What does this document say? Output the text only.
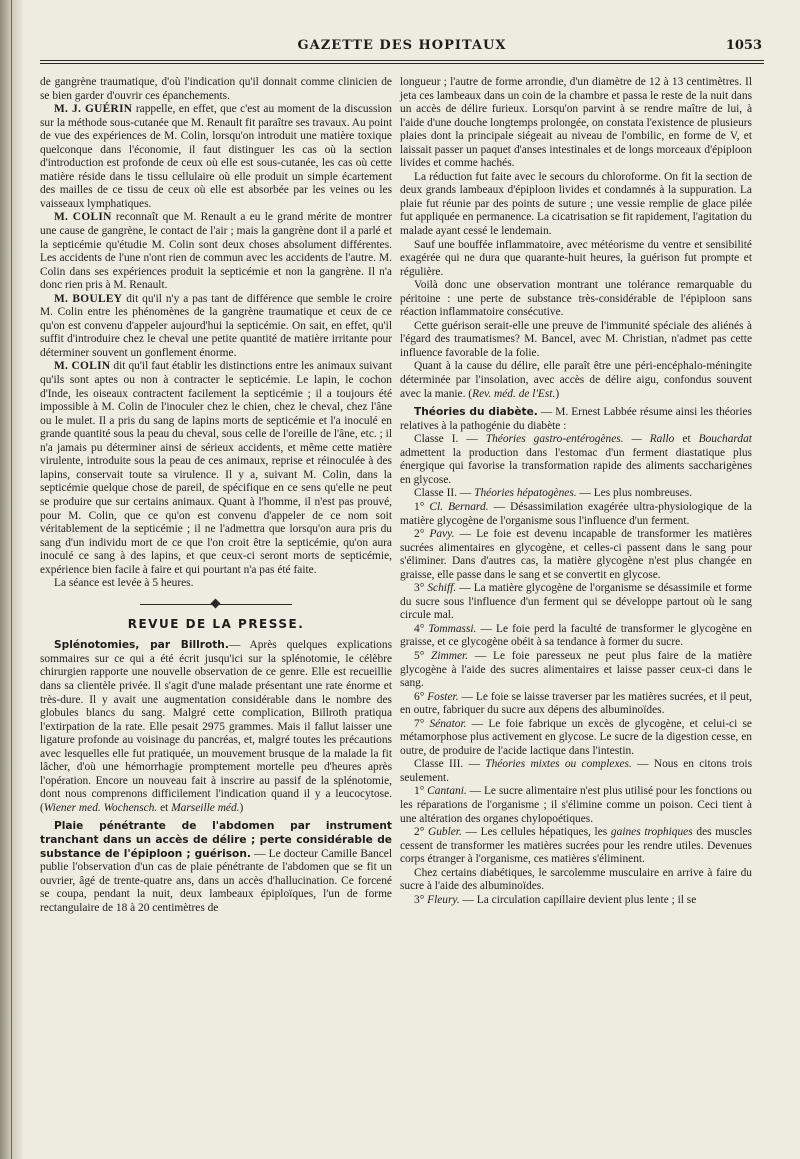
GAZETTE DES HOPITAUX	1053

de gangrène traumatique, d'où l'indication qu'il donnait comme clinicien de se bien garder d'ouvrir ces épanchements.

M. J. GUÉRIN rappelle, en effet, que c'est au moment de la discussion sur la méthode sous-cutanée que M. Renault fit paraître ses travaux. Au point de vue des expériences de M. Colin, lorsqu'on introduit une matière toxique quelconque dans l'économie, il faut distinguer les cas où la section d'introduction est profonde de ceux où elle est sous-cutanée, les cas où cette matière réside dans le tissu cellulaire où elle produit un simple écartement des mailles de ce tissu de ceux où elle est absorbée par les veines ou les vaisseaux lymphatiques.

M. COLIN reconnaît que M. Renault a eu le grand mérite de montrer une cause de gangrène, le contact de l'air ; mais la gangrène dont il a parlé et la septicémie qu'étudie M. Colin sont deux choses absolument différentes. Les accidents de l'une n'ont rien de commun avec les accidents de l'autre. M. Colin dans ses expériences produit la septicémie et non la gangrène. Il n'a donc rien pris à M. Renault.

M. BOULEY dit qu'il n'y a pas tant de différence que semble le croire M. Colin entre les phénomènes de la gangrène traumatique et ceux de ce qu'on est convenu d'appeler aujourd'hui la septicémie. On sait, en effet, qu'il suffit d'introduire chez le cheval une petite quantité de matière irritante pour déterminer souvent un gonflement énorme.

M. COLIN dit qu'il faut établir les distinctions entre les animaux suivant qu'ils sont aptes ou non à contracter le septicémie. Le lapin, le cochon d'Inde, les oiseaux contractent facilement la septicémie ; il a toujours été impossible à M. Colin de l'inoculer chez le chien, chez le cheval, chez l'âne ou le mulet. Il a pris du sang de lapins morts de septicémie et l'a inoculé en grande quantité sous la peau du cheval, sous celle de l'oreille de l'âne, etc. ; il n'a jamais pu déterminer ainsi de sérieux accidents, et même cette matière virulente, introduite sous la peau de ces animaux, reprise et réinoculée à des lapins, conservait toute sa virulence. Il y a, suivant M. Colin, dans la septicémie quelque chose de pareil, de spécifique en ce sens qu'elle ne peut se produire que sur certains animaux. Quant à l'homme, il n'est pas prouvé, pour M. Colin, que ce qu'on est convenu d'appeler de ce nom soit véritablement de la septicémie ; il ne l'admettra que lorsqu'on aura pris du sang d'un individu mort de ce que l'on croit être la septicémie, qu'on aura inoculé ce sang à des lapins, et que ceux-ci seront morts de septicémie, expérience bien facile à faire et qui pourtant n'a pas été faite.

La séance est levée à 5 heures.

REVUE DE LA PRESSE.

Splénotomies, par Billroth.— Après quelques explications sommaires sur ce qui a été écrit jusqu'ici sur la splénotomie, le célèbre chirurgien rapporte une nouvelle observation de ce genre. Elle est recueillie dans sa clientèle privée. Il s'agit d'une malade présentant une rate énorme et très-dure. Il y avait une augmentation considérable dans le nombre des globules blancs du sang. Malgré cette complication, Billroth pratiqua l'extirpation de la rate. Elle pesait 2975 grammes. Mais il fallut laisser une ligature profonde au voisinage du pancréas, et, malgré toutes les précautions avec lesquelles elle fut pratiquée, un mouvement brusque de la malade la fit lâcher, d'où une hémorrhagie promptement mortelle peu d'heures après l'opération. Encore un nouveau fait à inscrire au passif de la splénotomie, dont nous comprenons difficilement l'indication quand il y a leucocytose. (Wiener med. Wochensch. et Marseille méd.)

Plaie pénétrante de l'abdomen par instrument tranchant dans un accès de délire ; perte considérable de substance de l'épiploon ; guérison. — Le docteur Camille Bancel publie l'observation d'un cas de plaie pénétrante de l'abdomen que se fit un ouvrier, âgé de trente-quatre ans, dans un accès d'hallucination. Ce forcené se coupa, pendant la nuit, deux lambeaux épiploïques, l'un de forme rectangulaire de 18 à 20 centimètres de

longueur ; l'autre de forme arrondie, d'un diamètre de 12 à 13 centimètres. Il jeta ces lambeaux dans un coin de la chambre et passa le reste de la nuit dans un accès de délire furieux. Lorsqu'on parvint à se rendre maître de lui, à l'aide d'une douche longtemps prolongée, on constata l'existence de plusieurs plaies dont la principale siégeait au niveau de l'ombilic, en forme de V, et laissait passer un paquet d'anses intestinales et de longs morceaux d'épiploon livides et comme hachés.

La réduction fut faite avec le secours du chloroforme. On fit la section de deux grands lambeaux d'épiploon livides et condamnés à la suppuration. La plaie fut réunie par des points de suture ; une vessie remplie de glace pilée fut appliquée en permanence. La cicatrisation se fit rapidement, l'agitation du malade ayant cessé le lendemain.

Sauf une bouffée inflammatoire, avec météorisme du ventre et sensibilité exagérée qui ne dura que quarante-huit heures, la guérison fut prompte et régulière.

Voilà donc une observation montrant une tolérance remarquable du péritoine : une perte de substance très-considérable de l'épiploon sans réaction inflammatoire consécutive.

Cette guérison serait-elle une preuve de l'immunité spéciale des aliénés à l'égard des traumatismes? M. Bancel, avec M. Christian, n'admet pas cette influence favorable de la folie.

Quant à la cause du délire, elle paraît être une péri-encéphalo-méningite déterminée par l'insolation, avec accès de délire aigu, confondus souvent avec la manie. (Rev. méd. de l'Est.)

Théories du diabète. — M. Ernest Labbée résume ainsi les théories relatives à la pathogénie du diabète :

Classe I. — Théories gastro-entérogènes. — Rallo et Bouchardat admettent la production dans l'estomac d'un ferment diastatique plus énergique qui favorise la transformation rapide des aliments saccharigènes en glycose.

Classe II. — Théories hépatogènes. — Les plus nombreuses.

1° Cl. Bernard. — Désassimilation exagérée ultra-physiologique de la matière glycogène de l'organisme sous l'influence d'un ferment.

2° Pavy. — Le foie est devenu incapable de transformer les matières sucrées alimentaires en glycogène, et celles-ci passent dans le sang pour s'éliminer. Dans d'autres cas, la matière glycogène n'est plus changée en graisse, elle passe dans le sang et se convertit en glycose.

3° Schiff. — La matière glycogène de l'organisme se désassimile et forme du sucre sous l'influence d'un ferment qui se développe partout où le sang circule mal.

4° Tommassi. — Le foie perd la faculté de transformer le glycogène en graisse, et ce glycogène obéit à sa tendance à former du sucre.

5° Zimmer. — Le foie paresseux ne peut plus faire de la matière glycogène à l'aide des sucres alimentaires et laisse passer ceux-ci dans le sang.

6° Foster. — Le foie se laisse traverser par les matières sucrées, et il peut, en outre, fabriquer du sucre aux dépens des albuminoïdes.

7° Sénator. — Le foie fabrique un excès de glycogène, et celui-ci se métamorphose plus activement en glycose. Le sucre de la digestion cesse, en outre, de produire de l'acide lactique dans l'intestin.

Classe III. — Théories mixtes ou complexes. — Nous en citons trois seulement.

1° Cantani. — Le sucre alimentaire n'est plus utilisé pour les fonctions ou les réparations de l'organisme ; il s'élimine comme un poison. Ceci tient à une altération des organes chylopoétiques.

2° Gubler. — Les cellules hépatiques, les gaines trophiques des muscles cessent de transformer les matières sucrées pour les rendre utiles. Devenues corps étranger à l'organisme, ces matières s'éliminent.

Chez certains diabétiques, le sarcolemme musculaire en arrive à faire du sucre à l'aide des albuminoïdes.

3° Fleury. — La circulation capillaire devient plus lente ; il se
